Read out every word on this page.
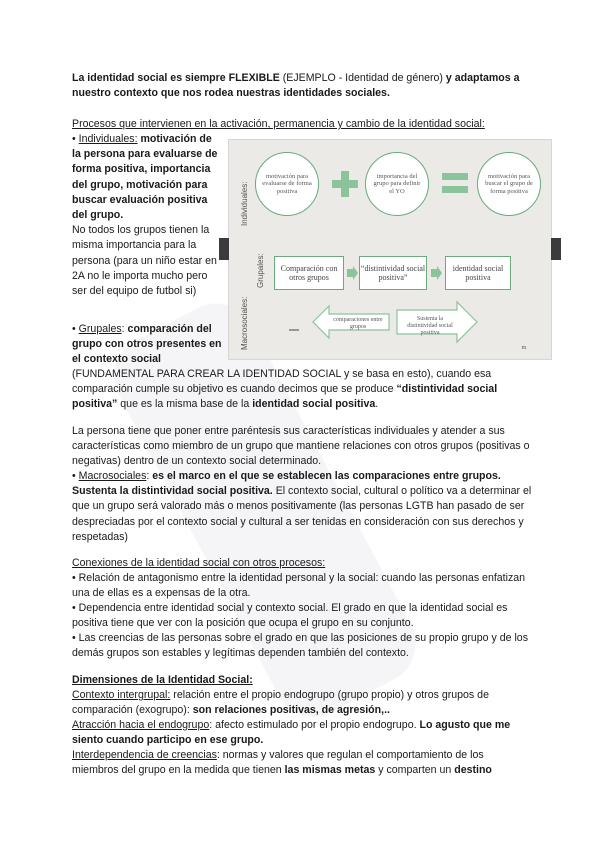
La identidad social es siempre FLEXIBLE (EJEMPLO - Identidad de género) y adaptamos a nuestro contexto que nos rodea nuestras identidades sociales.

Procesos que intervienen en la activación, permanencia y cambio de la identidad social:

• Individuales: motivación de la persona para evaluarse de forma positiva, importancia del grupo, motivación para buscar evaluación positiva del grupo.
No todos los grupos tienen la misma importancia para la persona (para un niño estar en 2A no le importa mucho pero ser del equipo de futbol si)

• Grupales: comparación del grupo con otros presentes en el contexto social

(FUNDAMENTAL PARA CREAR LA IDENTIDAD SOCIAL y se basa en esto), cuando esa comparación cumple su objetivo es cuando decimos que se produce “distintividad social positiva” que es la misma base de la identidad social positiva.

La persona tiene que poner entre paréntesis sus características individuales y atender a sus características como miembro de un grupo que mantiene relaciones con otros grupos (positivas o negativas) dentro de un contexto social determinado.

• Macrosociales: es el marco en el que se establecen las comparaciones entre grupos. Sustenta la distintividad social positiva. El contexto social, cultural o político va a determinar el que un grupo será valorado más o menos positivamente (las personas LGTB han pasado de ser despreciadas por el contexto social y cultural a ser tenidas en consideración con sus derechos y respetadas)

Individuales:
Grupales:
Macrosociales:
motivación para evaluarse de forma positiva
importancia del grupo para definir el YO
motivación para buscar el grupo de forma positiva
Comparación con otros grupos
“distintividad social positiva”
identidad social positiva
comparaciones entre grupos
Sustenta la distintividad social positiva
m

Conexiones de la identidad social con otros procesos:

• Relación de antagonismo entre la identidad personal y la social: cuando las personas enfatizan una de ellas es a expensas de la otra.

• Dependencia entre identidad social y contexto social. El grado en que la identidad social es positiva tiene que ver con la posición que ocupa el grupo en su conjunto.

• Las creencias de las personas sobre el grado en que las posiciones de su propio grupo y de los demás grupos son estables y legítimas dependen también del contexto.

Dimensiones de la Identidad Social:

Contexto intergrupal: relación entre el propio endogrupo (grupo propio) y otros grupos de comparación (exogrupo): son relaciones positivas, de agresión,..

Atracción hacia el endogrupo: afecto estimulado por el propio endogrupo. Lo agusto que me siento cuando participo en ese grupo.

Interdependencia de creencias: normas y valores que regulan el comportamiento de los miembros del grupo en la medida que tienen las mismas metas y comparten un destino
